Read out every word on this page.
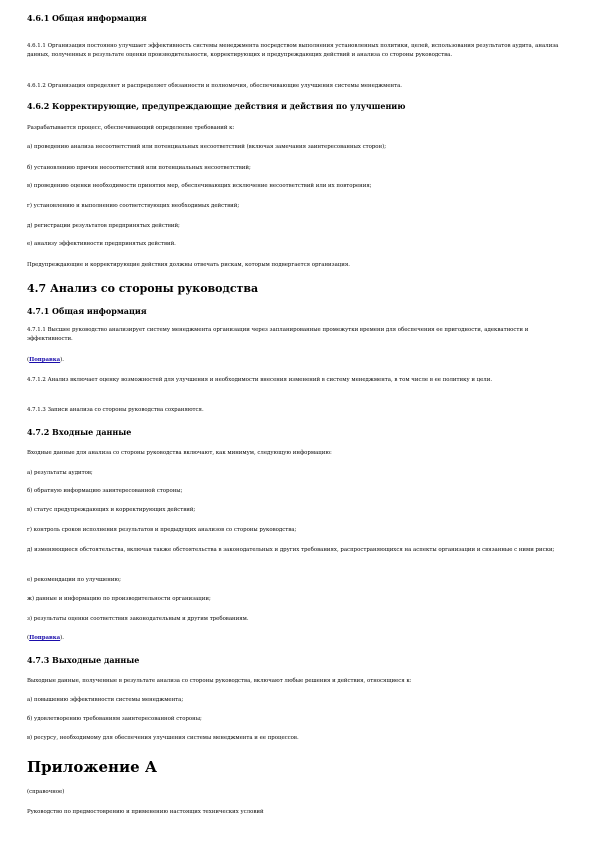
4.6.1 Общая информация

4.6.1.1 Организация постоянно улучшает эффективность системы менеджмента посредством выполнения установленных политики, целей, использования результатов аудита, анализа данных, полученных в результате оценки производительности, корректирующих и предупреждающих действий и анализа со стороны руководства.

4.6.1.2 Организация определяет и распределяет обязанности и полномочия, обеспечивающие улучшения системы менеджмента.

4.6.2 Корректирующие, предупреждающие действия и действия по улучшению

Разрабатывается процесс, обеспечивающий определение требований к:

а) проведению анализа несоответствий или потенциальных несоответствий (включая замечания заинтересованных сторон);

б) установлению причин несоответствий или потенциальных несоответствий;

в) проведению оценки необходимости принятия мер, обеспечивающих исключение несоответствий или их повторения;

г) установлению и выполнению соответствующих необходимых действий;

д) регистрации результатов предпринятых действий;

е) анализу эффективности предпринятых действий.

Предупреждающие и корректирующие действия должны отвечать рискам, которым подвергается организация.

4.7 Анализ со стороны руководства
4.7.1 Общая информация

4.7.1.1 Высшее руководство анализирует систему менеджмента организации через запланированные промежутки времени для обеспечения ее пригодности, адекватности и эффективности.

(Поправка).

4.7.1.2 Анализ включает оценку возможностей для улучшения и необходимости внесения изменений в систему менеджмента, в том числе в ее политику и цели.

4.7.1.3 Записи анализа со стороны руководства сохраняются.

4.7.2 Входные данные

Входные данные для анализа со стороны руководства включают, как минимум, следующую информацию:

а) результаты аудитов;

б) обратную информацию заинтересованной стороны;

в) статус предупреждающих и корректирующих действий;

г) контроль сроков исполнения результатов и предыдущих анализов со стороны руководства;

д) изменяющиеся обстоятельства, включая также обстоятельства в законодательных и других требованиях, распространяющихся на аспекты организации и связанные с ними риски;

е) рекомендации по улучшению;

ж) данные и информацию по производительности организации;

з) результаты оценки соответствия законодательным и другим требованиям.

(Поправка).

4.7.3 Выходные данные

Выходные данные, полученные в результате анализа со стороны руководства, включают любые решения и действия, относящиеся к:

а) повышению эффективности системы менеджмента;

б) удовлетворению требованиям заинтересованной стороны;

в) ресурсу, необходимому для обеспечения улучшения системы менеджмента и ее процессов.

Приложение А

(справочное)

Руководство по предмостоврению и применению настоящих технических условий
